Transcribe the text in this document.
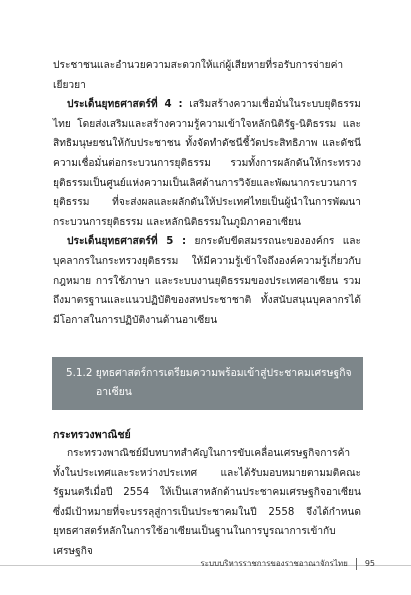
ประชาชนและอำนวยความสะดวกให้แก่ผู้เสียหายที่รอรับการจ่ายค่าเยียวยา

ประเด็นยุทธศาสตร์ที่ 4 : เสริมสร้างความเชื่อมั่นในระบบยุติธรรมไทย โดยส่งเสริมและสร้างความรู้ความเข้าใจหลักนิติรัฐ-นิติธรรม และสิทธิมนุษยชนให้กับประชาชน ทั้งจัดทำดัชนีชี้วัดประสิทธิภาพ และดัชนีความเชื่อมั่นต่อกระบวนการยุติธรรม รวมทั้งการผลักดันให้กระทรวงยุติธรรมเป็นศูนย์แห่งความเป็นเลิศด้านการวิจัยและพัฒนากระบวนการยุติธรรม ที่จะส่งผลและผลักดันให้ประเทศไทยเป็นผู้นำในการพัฒนากระบวนการยุติธรรม และหลักนิติธรรมในภูมิภาคอาเซียน

ประเด็นยุทธศาสตร์ที่ 5 : ยกระดับขีดสมรรถนะขององค์กร และบุคลากรในกระทรวงยุติธรรม ให้มีความรู้เข้าใจถึงองค์ความรู้เกี่ยวกับกฎหมาย การใช้ภาษา และระบบงานยุติธรรมของประเทศอาเซียน รวมถึงมาตรฐานและแนวปฏิบัติของสหประชาชาติ ทั้งสนับสนุนบุคลากรได้มีโอกาสในการปฏิบัติงานด้านอาเซียน

5.1.2 ยุทธศาสตร์การเตรียมความพร้อมเข้าสู่ประชาคมเศรษฐกิจ
อาเซียน
กระทรวงพาณิชย์

กระทรวงพาณิชย์มีบทบาทสำคัญในการขับเคลื่อนเศรษฐกิจการค้าทั้งในประเทศและระหว่างประเทศ และได้รับมอบหมายตามมติคณะรัฐมนตรีเมื่อปี 2554 ให้เป็นเสาหลักด้านประชาคมเศรษฐกิจอาเซียน ซึ่งมีเป้าหมายที่จะบรรลุสู่การเป็นประชาคมในปี 2558 จึงได้กำหนดยุทธศาสตร์หลักในการใช้อาเซียนเป็นฐานในการบูรณาการเข้ากับเศรษฐกิจ

ระบบบริหารราชการของราชอาณาจักรไทย 95
